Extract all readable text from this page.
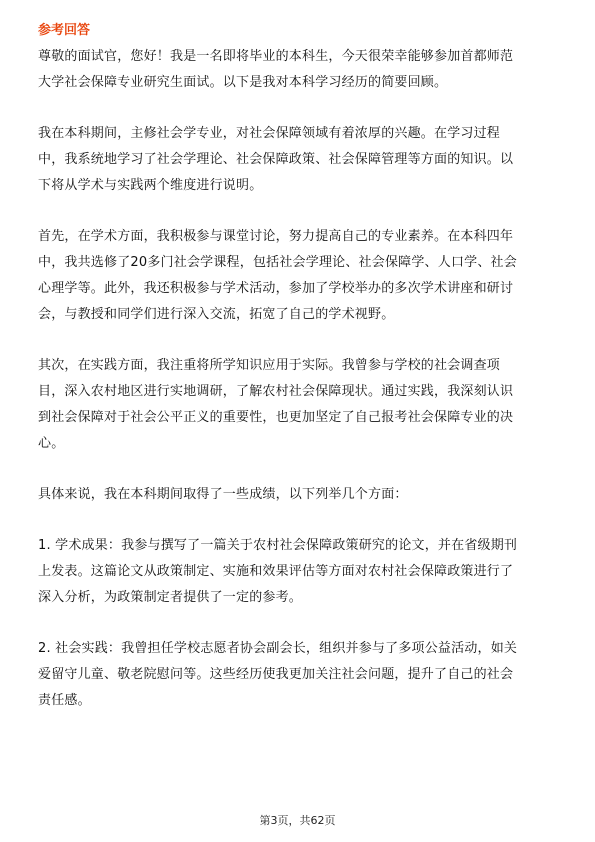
参考回答

尊敬的面试官，您好！我是一名即将毕业的本科生，今天很荣幸能够参加首都师范
大学社会保障专业研究生面试。以下是我对本科学习经历的简要回顾。

我在本科期间，主修社会学专业，对社会保障领域有着浓厚的兴趣。在学习过程
中，我系统地学习了社会学理论、社会保障政策、社会保障管理等方面的知识。以
下将从学术与实践两个维度进行说明。

首先，在学术方面，我积极参与课堂讨论，努力提高自己的专业素养。在本科四年
中，我共选修了20多门社会学课程，包括社会学理论、社会保障学、人口学、社会
心理学等。此外，我还积极参与学术活动，参加了学校举办的多次学术讲座和研讨
会，与教授和同学们进行深入交流，拓宽了自己的学术视野。

其次，在实践方面，我注重将所学知识应用于实际。我曾参与学校的社会调查项
目，深入农村地区进行实地调研，了解农村社会保障现状。通过实践，我深刻认识
到社会保障对于社会公平正义的重要性，也更加坚定了自己报考社会保障专业的决
心。

具体来说，我在本科期间取得了一些成绩，以下列举几个方面：

1. 学术成果：我参与撰写了一篇关于农村社会保障政策研究的论文，并在省级期刊
上发表。这篇论文从政策制定、实施和效果评估等方面对农村社会保障政策进行了
深入分析，为政策制定者提供了一定的参考。

2. 社会实践：我曾担任学校志愿者协会副会长，组织并参与了多项公益活动，如关
爱留守儿童、敬老院慰问等。这些经历使我更加关注社会问题，提升了自己的社会
责任感。

第3页，共62页
